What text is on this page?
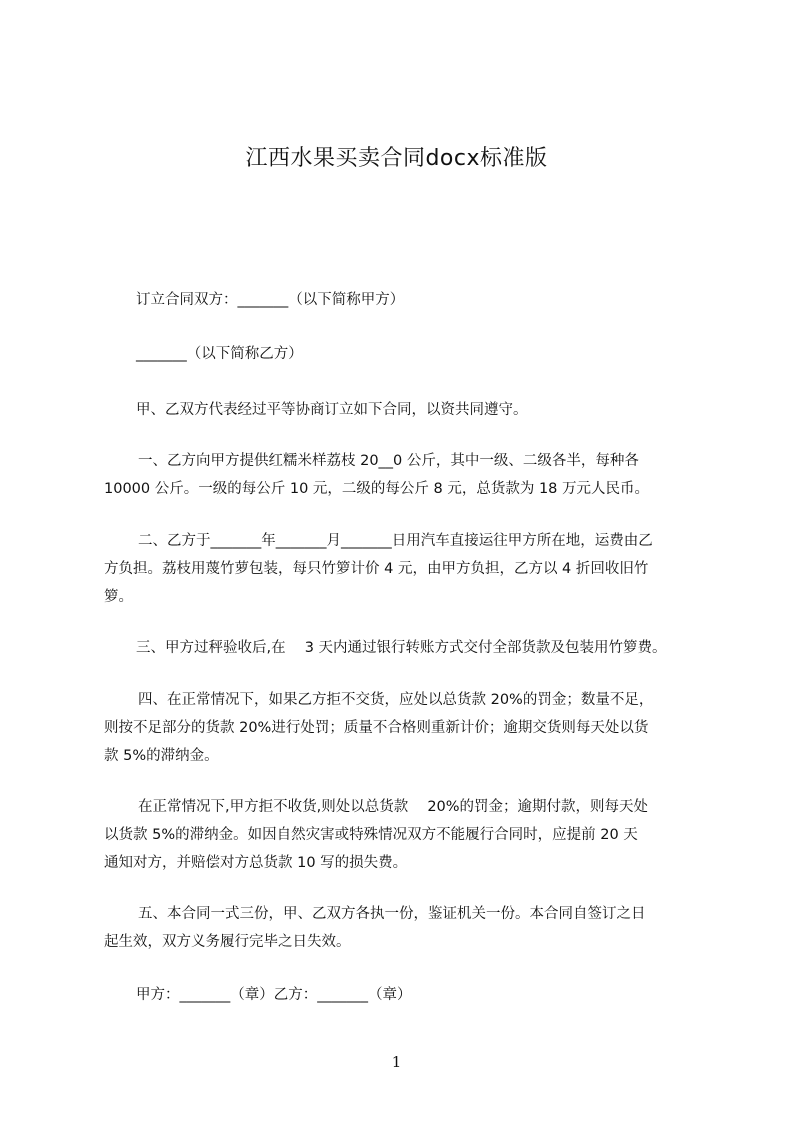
江西水果买卖合同docx标准版
订立合同双方：_______（以下简称甲方）
_______（以下简称乙方）
甲、乙双方代表经过平等协商订立如下合同，以资共同遵守。
一、乙方向甲方提供红糯米样荔枝 20__0 公斤，其中一级、二级各半，每种各
10000 公斤。一级的每公斤 10 元，二级的每公斤 8 元，总货款为 18 万元人民币。
二、乙方于_______年_______月_______日用汽车直接运往甲方所在地，运费由乙
方负担。荔枝用蔑竹萝包装，每只竹箩计价 4 元，由甲方负担，乙方以 4 折回收旧竹
箩。
三、甲方过秤验收后,在　 3 天内通过银行转账方式交付全部货款及包装用竹箩费。
四、在正常情况下，如果乙方拒不交货，应处以总货款 20%的罚金；数量不足，
则按不足部分的货款 20%进行处罚；质量不合格则重新计价；逾期交货则每天处以货
款 5%的滞纳金。
在正常情况下,甲方拒不收货,则处以总货款　 20%的罚金；逾期付款，则每天处
以货款 5%的滞纳金。如因自然灾害或特殊情况双方不能履行合同时，应提前 20 天
通知对方，并赔偿对方总货款 10 写的损失费。
五、本合同一式三份，甲、乙双方各执一份，鉴证机关一份。本合同自签订之日
起生效，双方义务履行完毕之日失效。
甲方：_______（章）乙方：_______（章）
1
